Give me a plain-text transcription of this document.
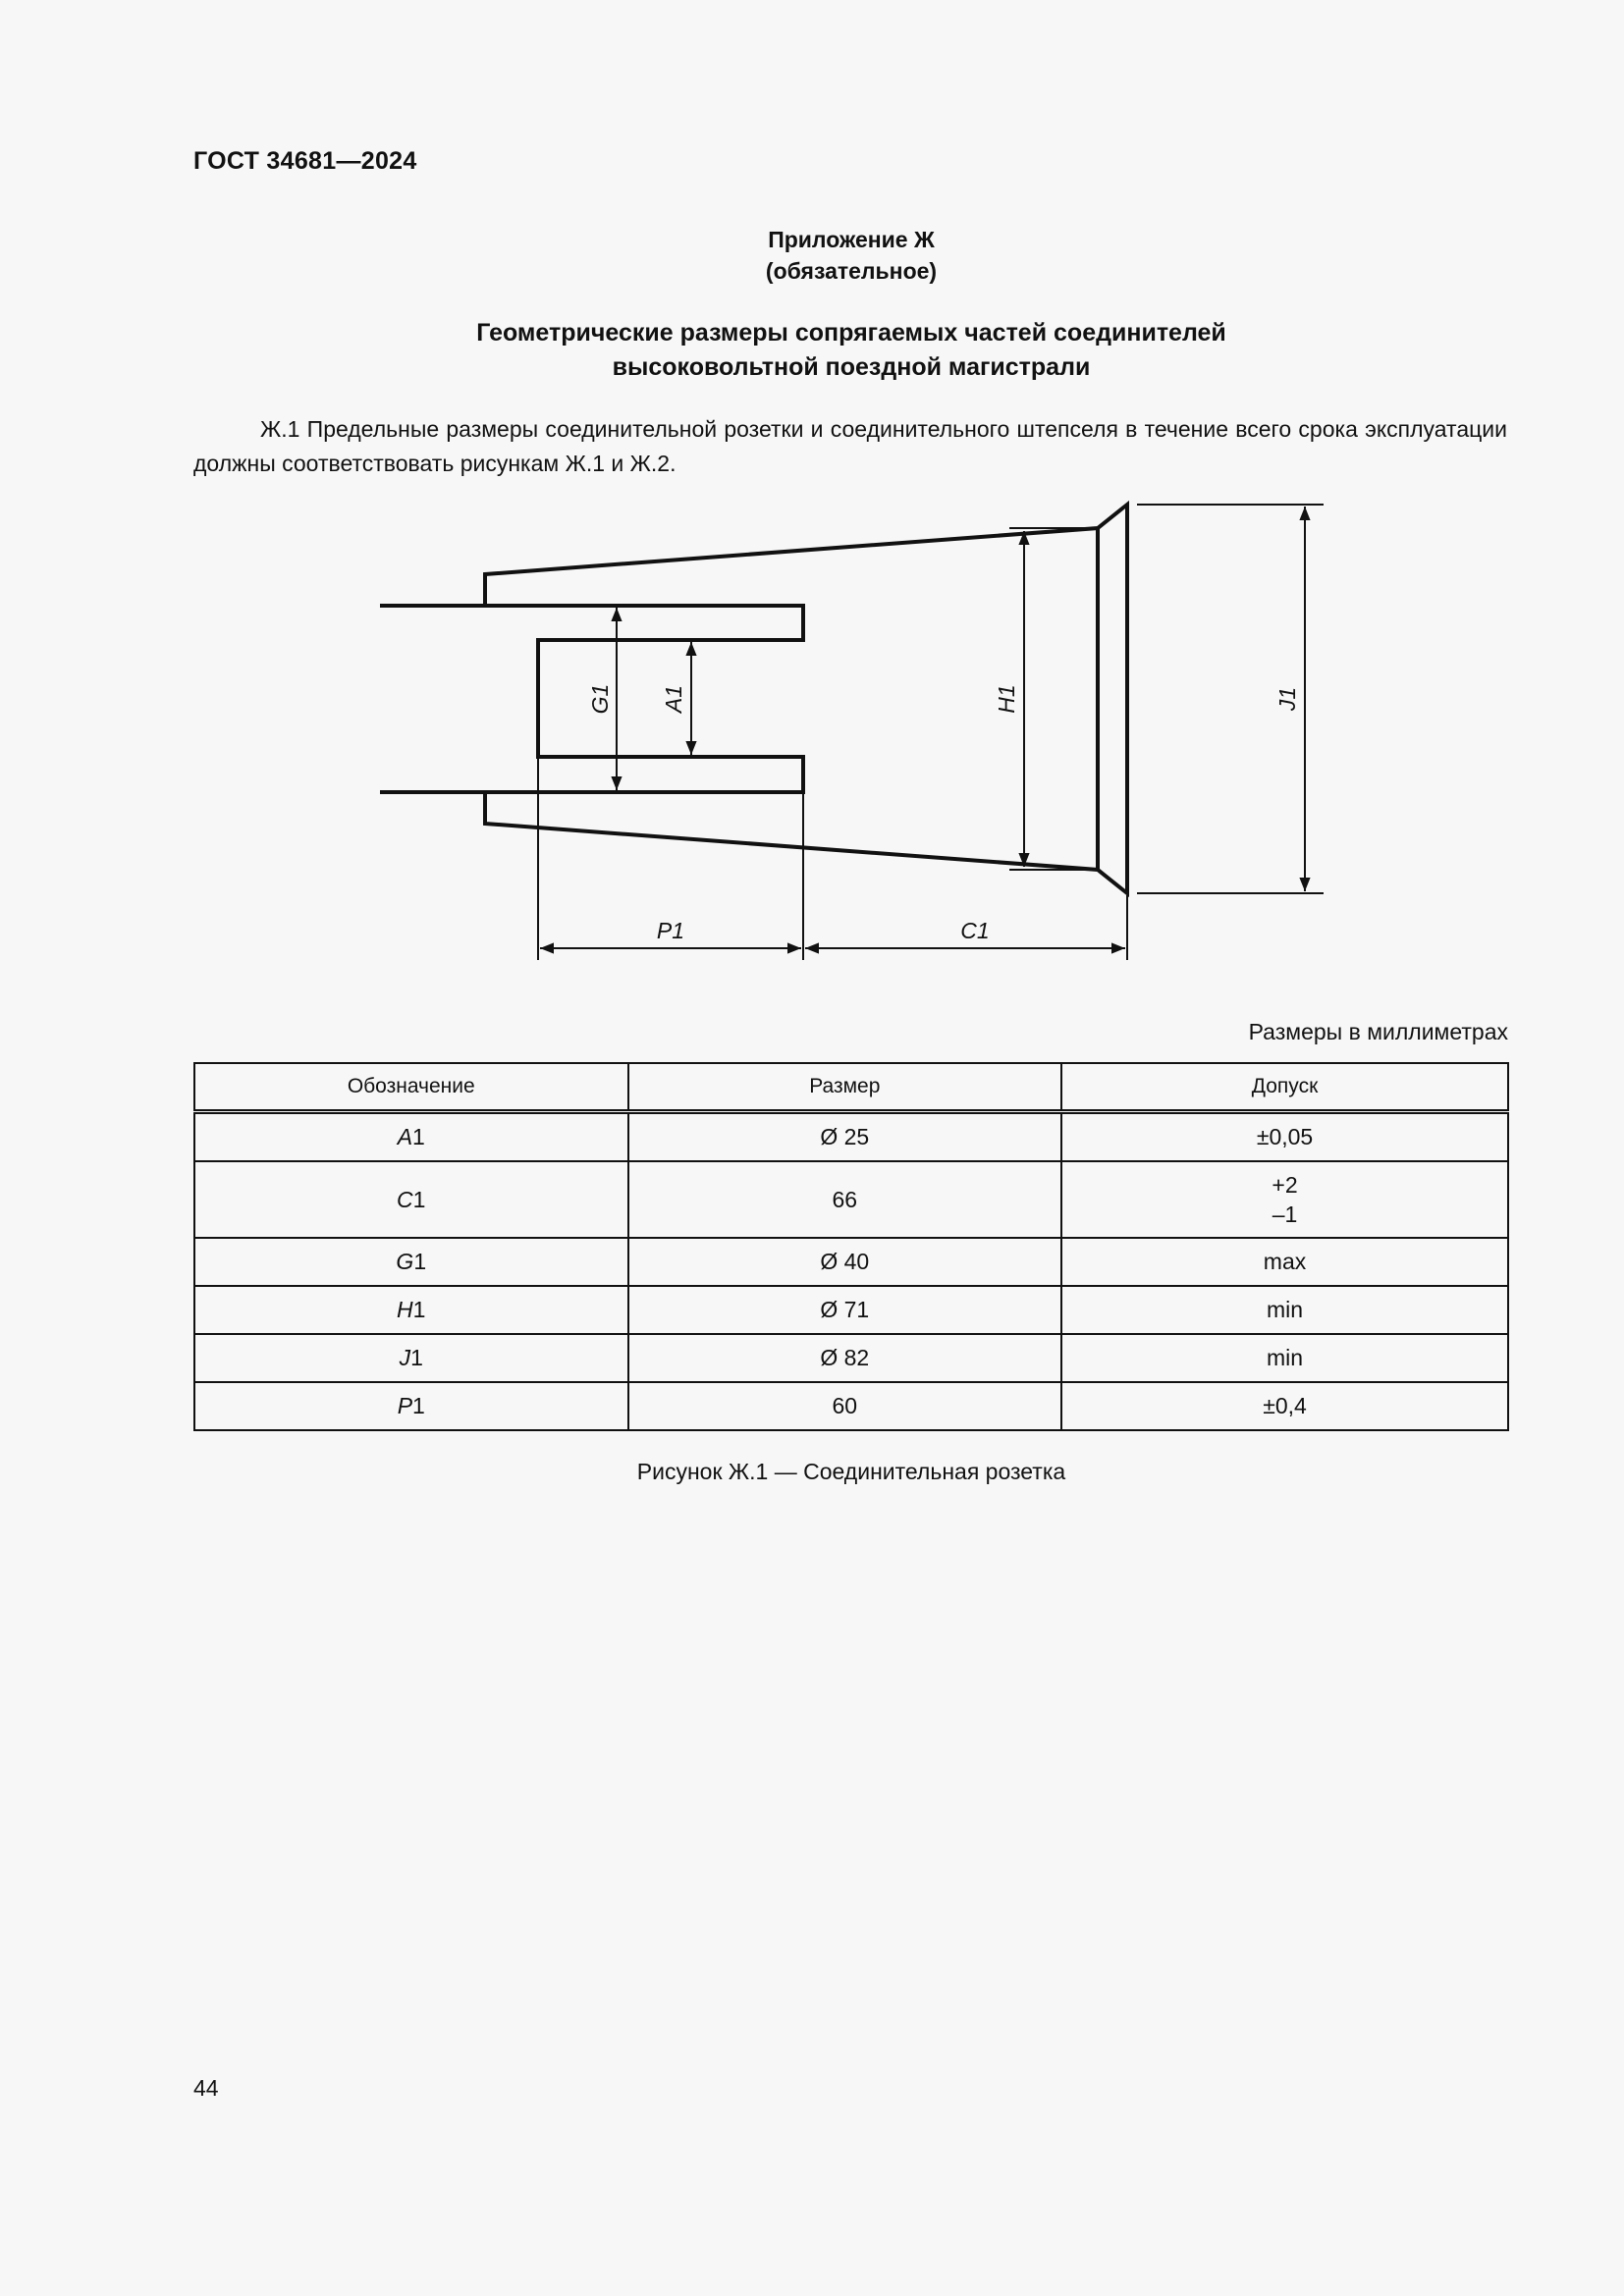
ГОСТ 34681—2024
Приложение Ж
(обязательное)
Геометрические размеры сопрягаемых частей соединителей
высоковольтной поездной магистрали
Ж.1 Предельные размеры соединительной розетки и соединительного штепселя в течение всего срока эксплуатации должны соответствовать рисункам Ж.1 и Ж.2.
G1 A1	H1	J1
P1	C1
Размеры в миллиметрах
Обозначение	Размер	Допуск
A1	Ø 25	±0,05
C1	66	+2
–1

G1	Ø 40	max
H1	Ø 71	min
J1	Ø 82	min
P1	60	±0,4
Рисунок Ж.1 — Соединительная розетка
44
